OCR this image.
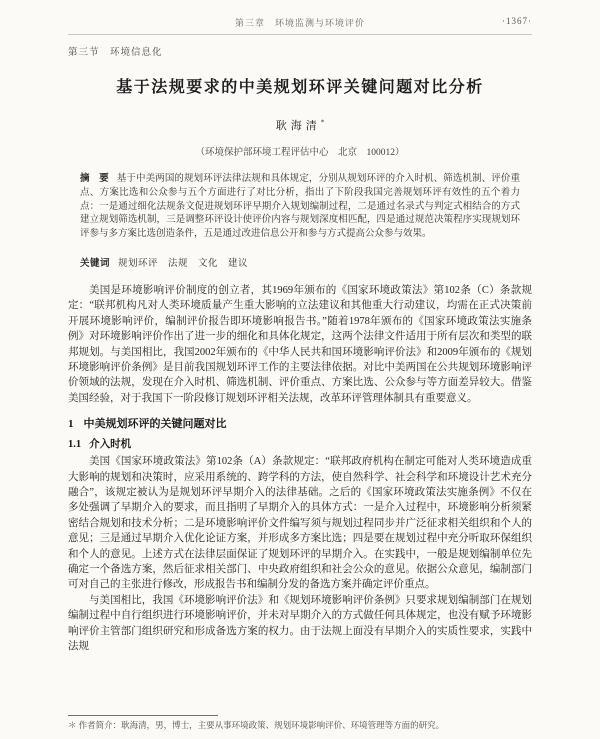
第三章　环境监测与环境评价	·1367·
第三节　环境信息化
基于法规要求的中美规划环评关键问题对比分析
耿海清*
（环境保护部环境工程评估中心　北京　100012）
摘　要 基于中美两国的规划环评法律法规和具体规定，分别从规划环评的介入时机、筛选机制、评价重点、方案比选和公众参与五个方面进行了对比分析，指出了下阶段我国完善规划环评有效性的五个着力点：一是通过细化法规条文促进规划环评早期介入规划编制过程，二是通过名录式与判定式相结合的方式建立规划筛选机制，三是调整环评设计使评价内容与规划深度相匹配，四是通过规范决策程序实现规划环评参与多方案比选创造条件，五是通过改进信息公开和参与方式提高公众参与效果。
关键词 规划环评　法规　文化　建议

美国是环境影响评价制度的创立者，其1969年颁布的《国家环境政策法》第102条（C）条款规定：“联邦机构凡对人类环境质量产生重大影响的立法建议和其他重大行动建议，均需在正式决策前开展环境影响评价，编制评价报告即环境影响报告书。”随着1978年颁布的《国家环境政策法实施条例》对环境影响评价作出了进一步的细化和具体化规定，这两个法律文件适用于所有层次和类型的联邦规划。与美国相比，我国2002年颁布的《中华人民共和国环境影响评价法》和2009年颁布的《规划环境影响评价条例》是目前我国规划环评工作的主要法律依据。对比中美两国在公共规划环境影响评价领域的法规，发现在介入时机、筛选机制、评价重点、方案比选、公众参与等方面差异较大。借鉴美国经验，对于我国下一阶段修订规划环评相关法规，改革环评管理体制具有重要意义。

1 中美规划环评的关键问题对比
1.1 介入时机

美国《国家环境政策法》第102条（A）条款规定：“联邦政府机构在制定可能对人类环境造成重大影响的规划和决策时，应采用系统的、跨学科的方法，使自然科学、社会科学和环境设计艺术充分融合”，该规定被认为是规划环评早期介入的法律基础。之后的《国家环境政策法实施条例》不仅在多处强调了早期介入的要求，而且指明了早期介入的具体方式：一是介入过程中，环境影响分析须紧密结合规划和技术分析；二是环境影响评价文件编写须与规划过程同步并广泛征求相关组织和个人的意见；三是通过早期介入优化论证方案，并形成多方案比选；四是要在规划过程中充分听取环保组织和个人的意见。上述方式在法律层面保证了规划环评的早期介入。在实践中，一般是规划编制单位先确定一个备选方案，然后征求相关部门、中央政府组织和社会公众的意见。依据公众意见，编制部门可对自己的主张进行修改，形成报告书和编制分发的备选方案并确定评价重点。

与美国相比，我国《环境影响评价法》和《规划环境影响评价条例》只要求规划编制部门在规划编制过程中自行组织进行环境影响评价，并未对早期介入的方式做任何具体规定，也没有赋予环境影响评价主管部门组织研究和形成备选方案的权力。由于法规上面没有早期介入的实质性要求，实践中法规

＊ 作者简介：耿海清，男，博士，主要从事环境政策、规划环境影响评价、环境管理等方面的研究。
